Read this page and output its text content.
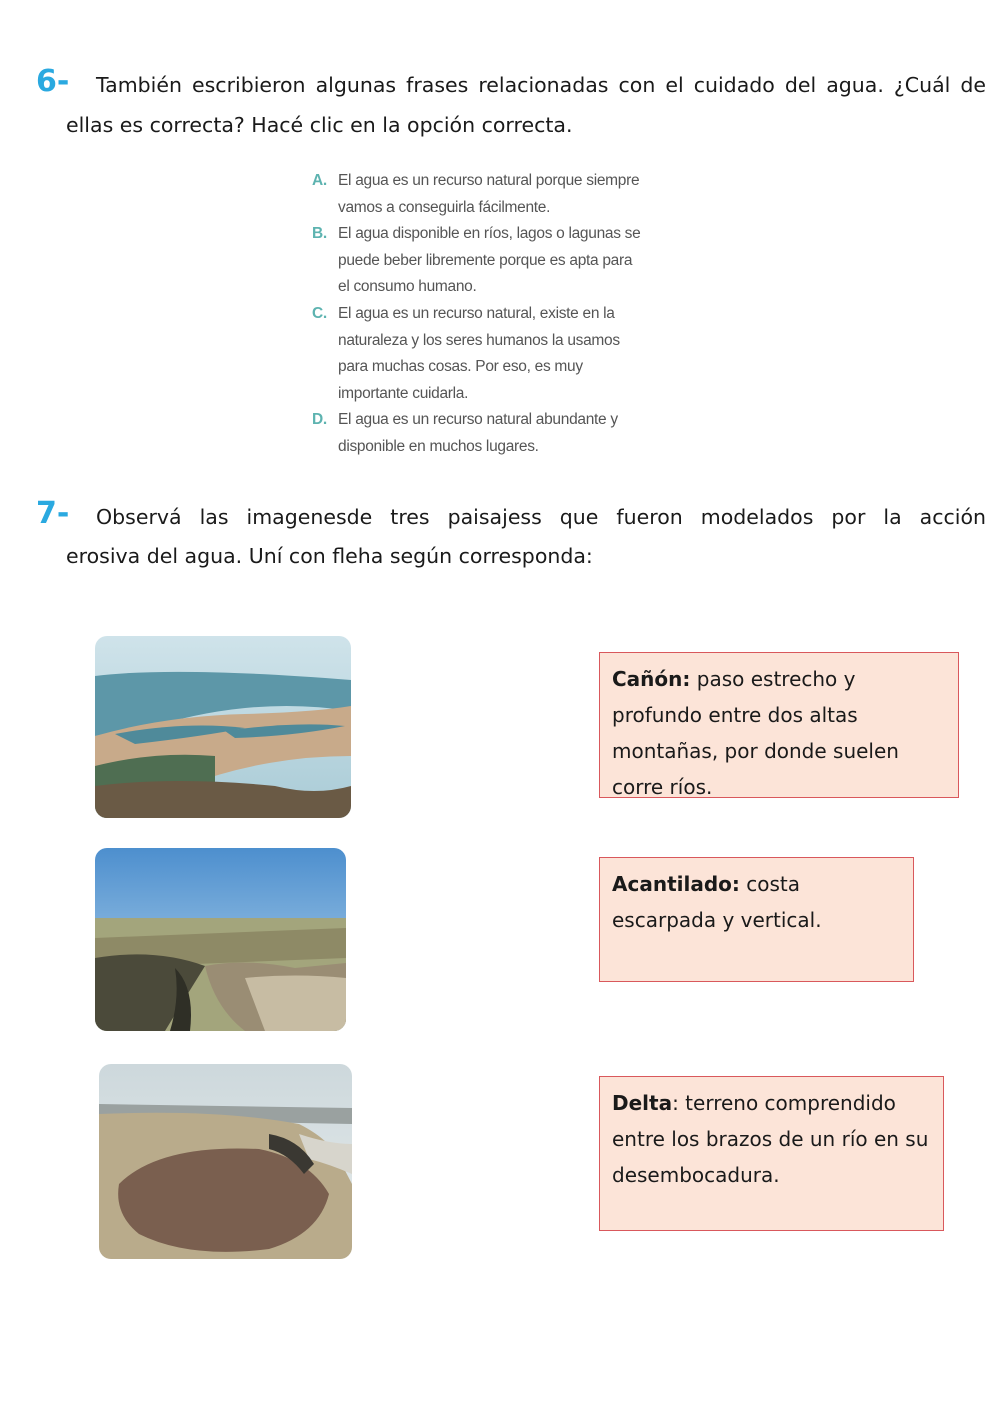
6- También escribieron algunas frases relacionadas con el cuidado del agua. ¿Cuál de
ellas es correcta? Hacé clic en la opción correcta.
A. El agua es un recurso natural porque siempre
vamos a conseguirla fácilmente.
B. El agua disponible en ríos, lagos o lagunas se
puede beber libremente porque es apta para
el consumo humano.
C. El agua es un recurso natural, existe en la
naturaleza y los seres humanos la usamos
para muchas cosas. Por eso, es muy
importante cuidarla.
D. El agua es un recurso natural abundante y
disponible en muchos lugares.
7- Observá las imagenesde tres paisajess que fueron modelados por la acción
erosiva del agua. Uní con fleha según corresponda:
Cañón: paso estrecho y profundo entre dos altas montañas, por donde suelen corre ríos.
Acantilado: costa escarpada y vertical.
Delta: terreno comprendido entre los brazos de un río en su desembocadura.
